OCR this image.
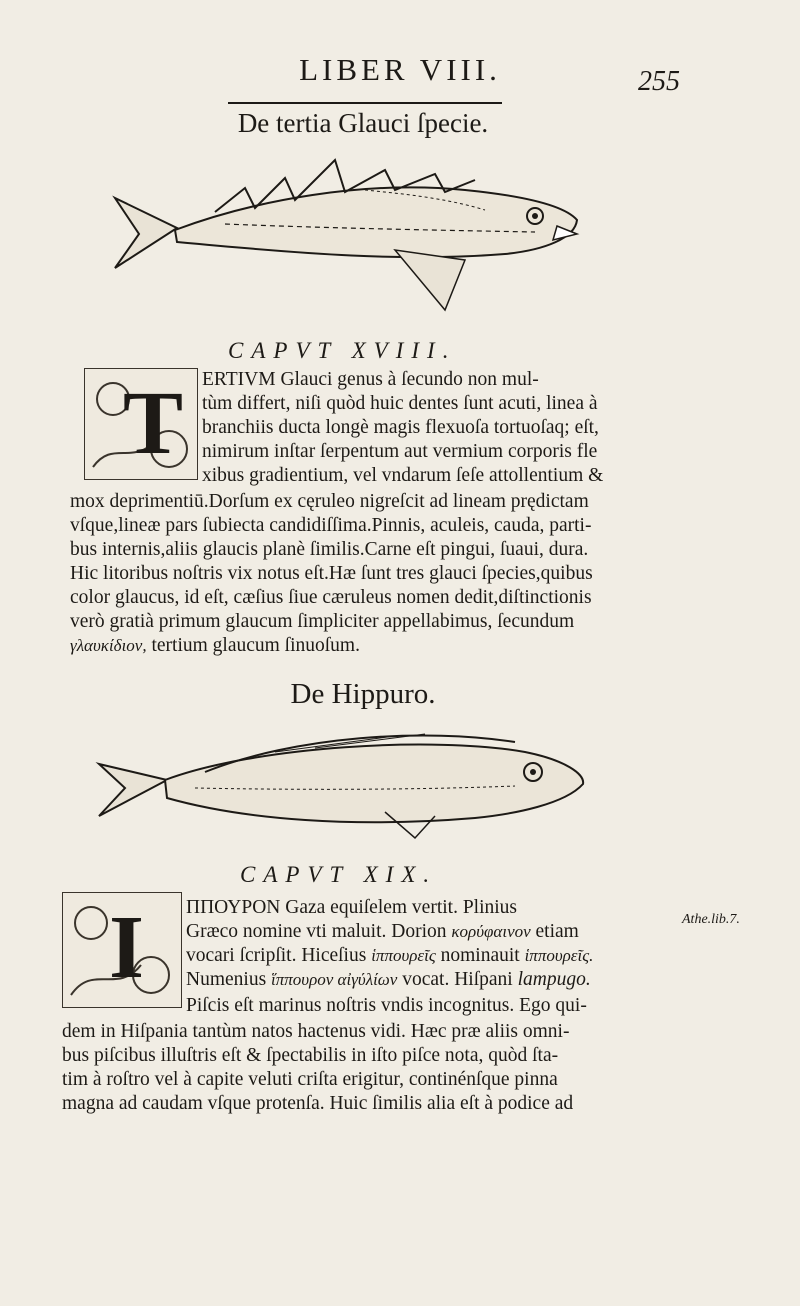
LIBER VIII.	255
De tertia Glauci ſpecie.
CAPVT XVIII.
T ERTIVM Glauci genus à ſecundo non mul-
tùm differt, niſi quòd huic dentes ſunt acuti, linea à
branchiis ducta longè magis flexuoſa tortuoſaq; eſt,
nimirum inſtar ſerpentum aut vermium corporis fle
xibus gradientium, vel vndarum ſeſe attollentium &
mox deprimentiū.Dorſum ex cęruleo nigreſcit ad lineam prędictam
vſque,lineæ pars ſubiecta candidiſſima.Pinnis, aculeis, cauda, parti-
bus internis,aliis glaucis planè ſimilis.Carne eſt pingui, ſuaui, dura.
Hic litoribus noſtris vix notus eſt.Hæ ſunt tres glauci ſpecies,quibus
color glaucus, id eſt, cæſius ſiue cæruleus nomen dedit,diſtinctionis
verò gratià primum glaucum ſimpliciter appellabimus, ſecundum
γλαυκίδιον, tertium glaucum ſinuoſum.
De Hippuro.
CAPVT XIX.
I ΠΠΟΥΡΟΝ Gaza equiſelem vertit. Plinius
Græco nomine vti maluit. Dorion κορύφαινον etiam
vocari ſcripſit. Hiceſius ἱππουρεῖς nominauit ἱππουρεῖς.
Numenius ἵππουρον αἰγύλίων vocat. Hiſpani lampugo.
Piſcis eſt marinus noſtris vndis incognitus. Ego qui-
dem in Hiſpania tantùm natos hactenus vidi. Hæc præ aliis omni-
bus piſcibus illuſtris eſt & ſpectabilis in iſto piſce nota, quòd ſta-
tim à roſtro vel à capite veluti criſta erigitur, continénſque pinna
magna ad caudam vſque protenſa. Huic ſimilis alia eſt à podice ad
Athe.lib.7.
